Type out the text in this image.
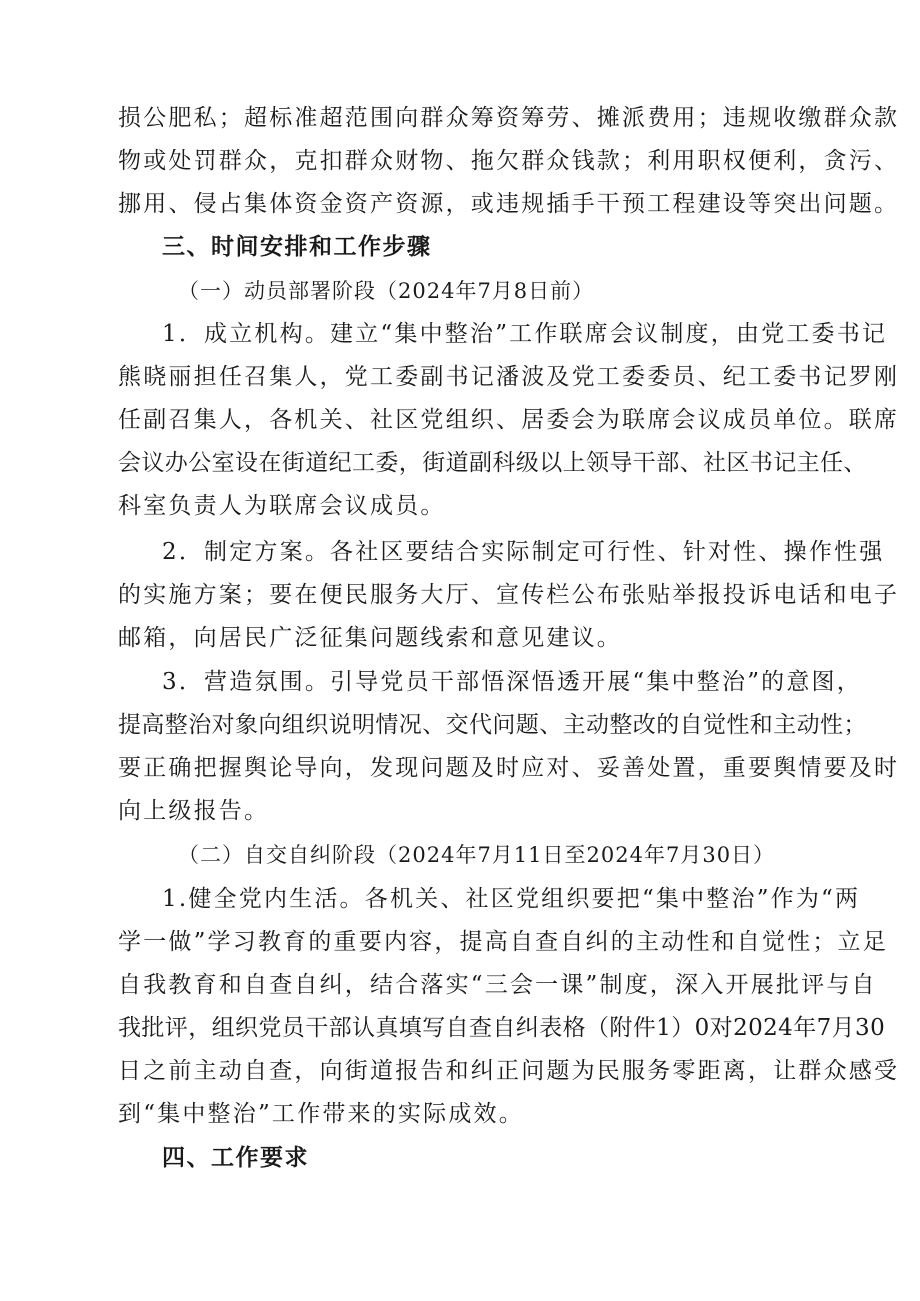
损公肥私；超标准超范围向群众筹资筹劳、摊派费用；违规收缴群众款
物或处罚群众，克扣群众财物、拖欠群众钱款；利用职权便利，贪污、
挪用、侵占集体资金资产资源，或违规插手干预工程建设等突出问题。
三、时间安排和工作步骤
（一）动员部署阶段（2024年7月8日前）
1．成立机构。建立“集中整治”工作联席会议制度，由党工委书记
熊晓丽担任召集人，党工委副书记潘波及党工委委员、纪工委书记罗刚
任副召集人，各机关、社区党组织、居委会为联席会议成员单位。联席
会议办公室设在街道纪工委，街道副科级以上领导干部、社区书记主任、
科室负责人为联席会议成员。
2．制定方案。各社区要结合实际制定可行性、针对性、操作性强
的实施方案；要在便民服务大厅、宣传栏公布张贴举报投诉电话和电子
邮箱，向居民广泛征集问题线索和意见建议。
3．营造氛围。引导党员干部悟深悟透开展“集中整治”的意图，
提高整治对象向组织说明情况、交代问题、主动整改的自觉性和主动性；
要正确把握舆论导向，发现问题及时应对、妥善处置，重要舆情要及时
向上级报告。
（二）自交自纠阶段（2024年7月11日至2024年7月30日）
1.健全党内生活。各机关、社区党组织要把“集中整治”作为“两
学一做”学习教育的重要内容，提高自查自纠的主动性和自觉性；立足
自我教育和自查自纠，结合落实“三会一课”制度，深入开展批评与自
我批评，组织党员干部认真填写自查自纠表格（附件1）0对2024年7月30
日之前主动自查，向街道报告和纠正问题为民服务零距离，让群众感受
到“集中整治”工作带来的实际成效。
四、工作要求
